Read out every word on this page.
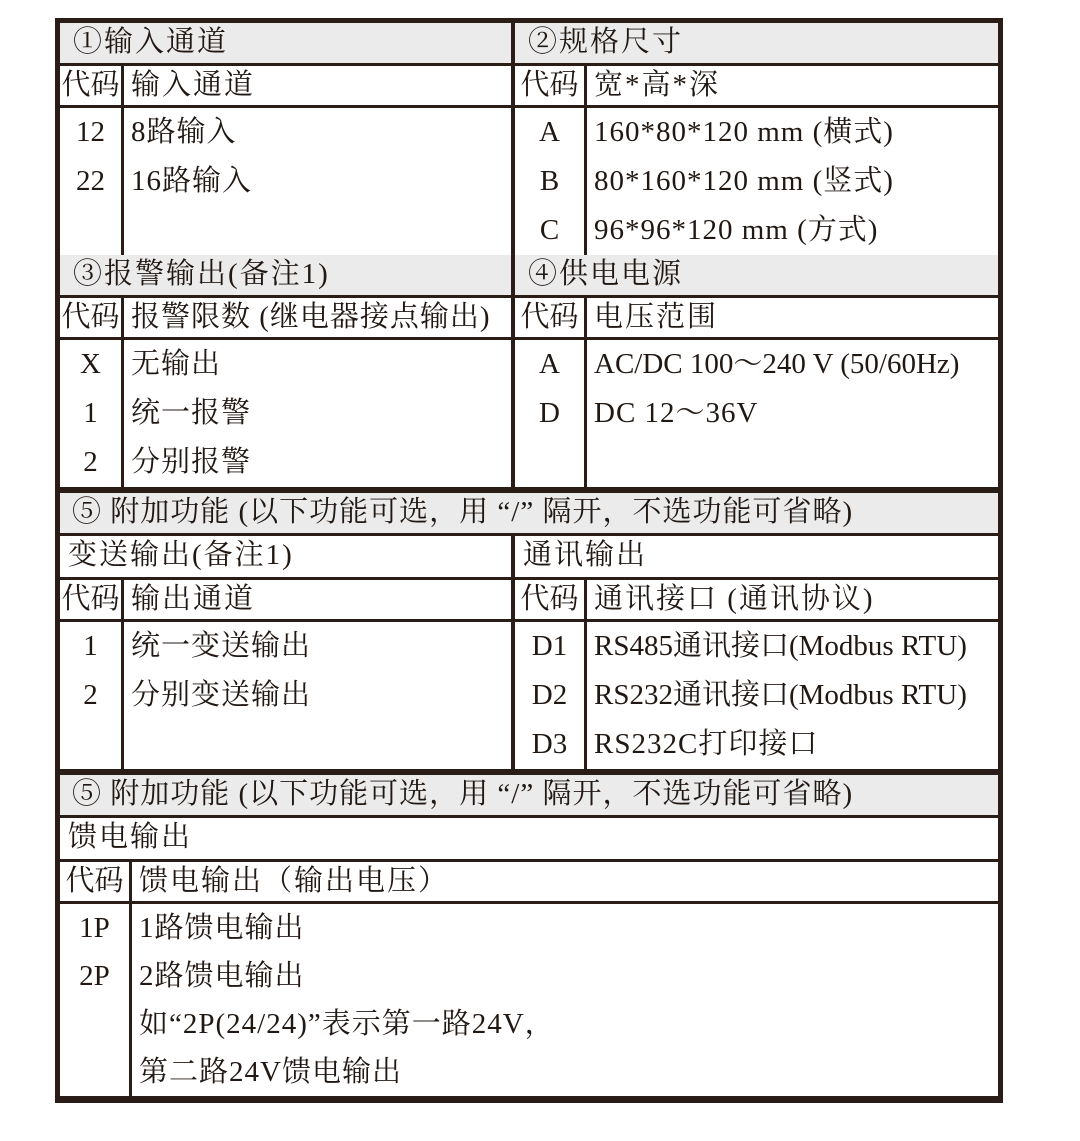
①输入通道
代码 输入通道
12
22
8路输入
16路输入
②规格尺寸
代码 宽*高*深
A
B
C
160*80*120 mm (横式)
80*160*120 mm (竖式)
96*96*120 mm (方式)
③报警输出(备注1)
代码 报警限数 (继电器接点输出)
X
1
2
无输出
统一报警
分别报警
④供电电源
代码 电压范围
A
D
AC/DC 100～240 V (50/60Hz)
DC 12～36V
⑤ 附加功能 (以下功能可选，用 “/” 隔开，不选功能可省略)
变送输出(备注1)
代码 输出通道
1
2
统一变送输出
分别变送输出
通讯输出
代码 通讯接口 (通讯协议)
D1
D2
D3
RS485通讯接口(Modbus RTU)
RS232通讯接口(Modbus RTU)
RS232C打印接口
⑤ 附加功能 (以下功能可选，用 “/” 隔开，不选功能可省略)
馈电输出
代码 馈电输出（输出电压）
1P
2P
1路馈电输出
2路馈电输出
如“2P(24/24)”表示第一路24V，
第二路24V馈电输出
